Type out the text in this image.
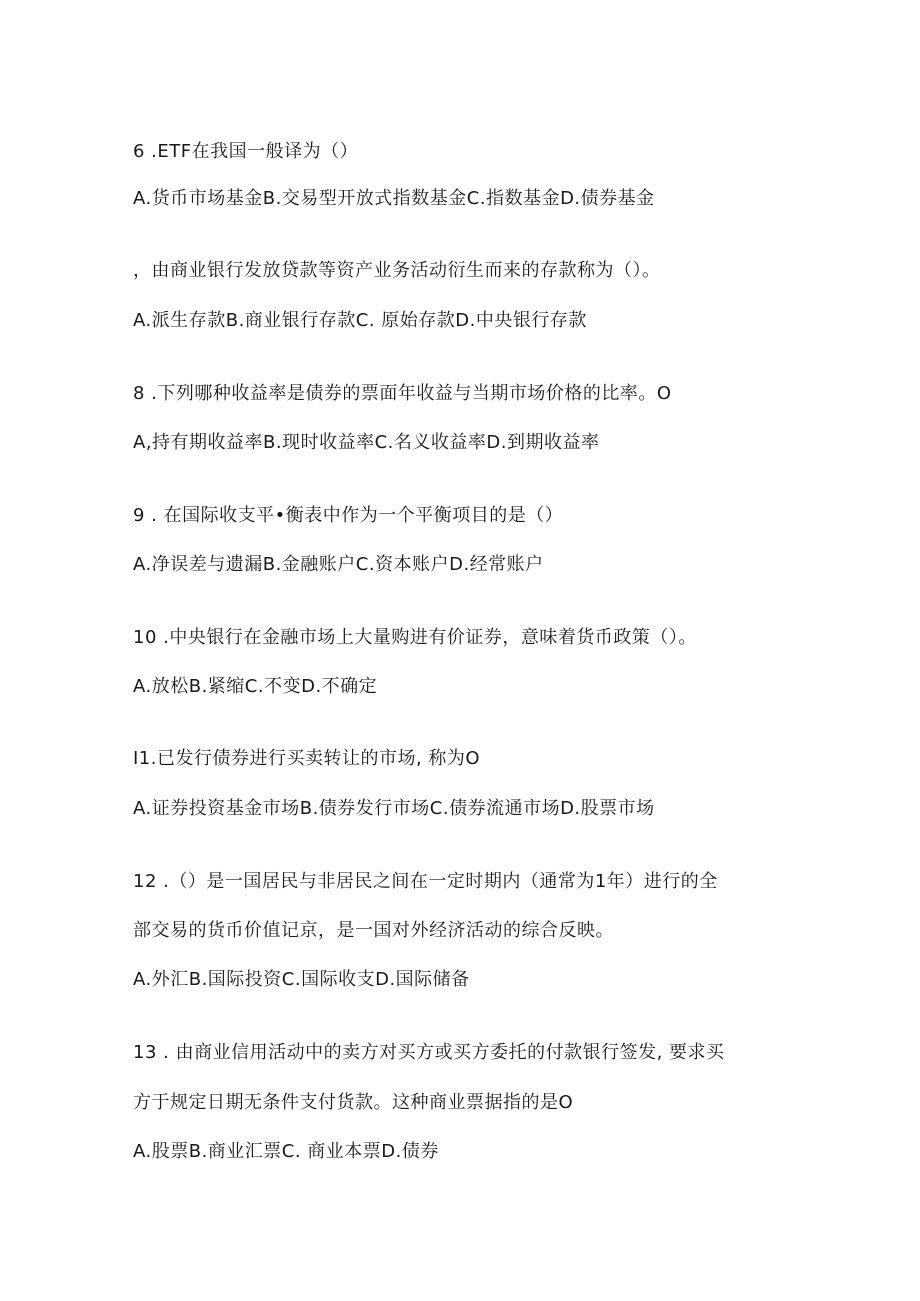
6 .ETF在我国一般译为（）
A.货币市场基金B.交易型开放式指数基金C.指数基金D.债券基金
，由商业银行发放贷款等资产业务活动衍生而来的存款称为（）。
A.派生存款B.商业银行存款C. 原始存款D.中央银行存款
8 .下列哪种收益率是债券的票面年收益与当期市场价格的比率。O
A,持有期收益率B.现时收益率C.名义收益率D.到期收益率
9 . 在国际收支平•衡表中作为一个平衡项目的是（）
A.净误差与遗漏B.金融账户C.资本账户D.经常账户
10 .中央银行在金融市场上大量购进有价证券，意味着货币政策（）。
A.放松B.紧缩C.不变D.不确定
I1.已发行债券进行买卖转让的市场, 称为O
A.证券投资基金市场B.债券发行市场C.债券流通市场D.股票市场
12 .（）是一国居民与非居民之间在一定时期内（通常为1年）进行的全
部交易的货币价值记京，是一国对外经济活动的综合反映。
A.外汇B.国际投资C.国际收支D.国际储备
13 . 由商业信用活动中的卖方对买方或买方委托的付款银行签发, 要求买
方于规定日期无条件支付货款。这种商业票据指的是O
A.股票B.商业汇票C. 商业本票D.债券
